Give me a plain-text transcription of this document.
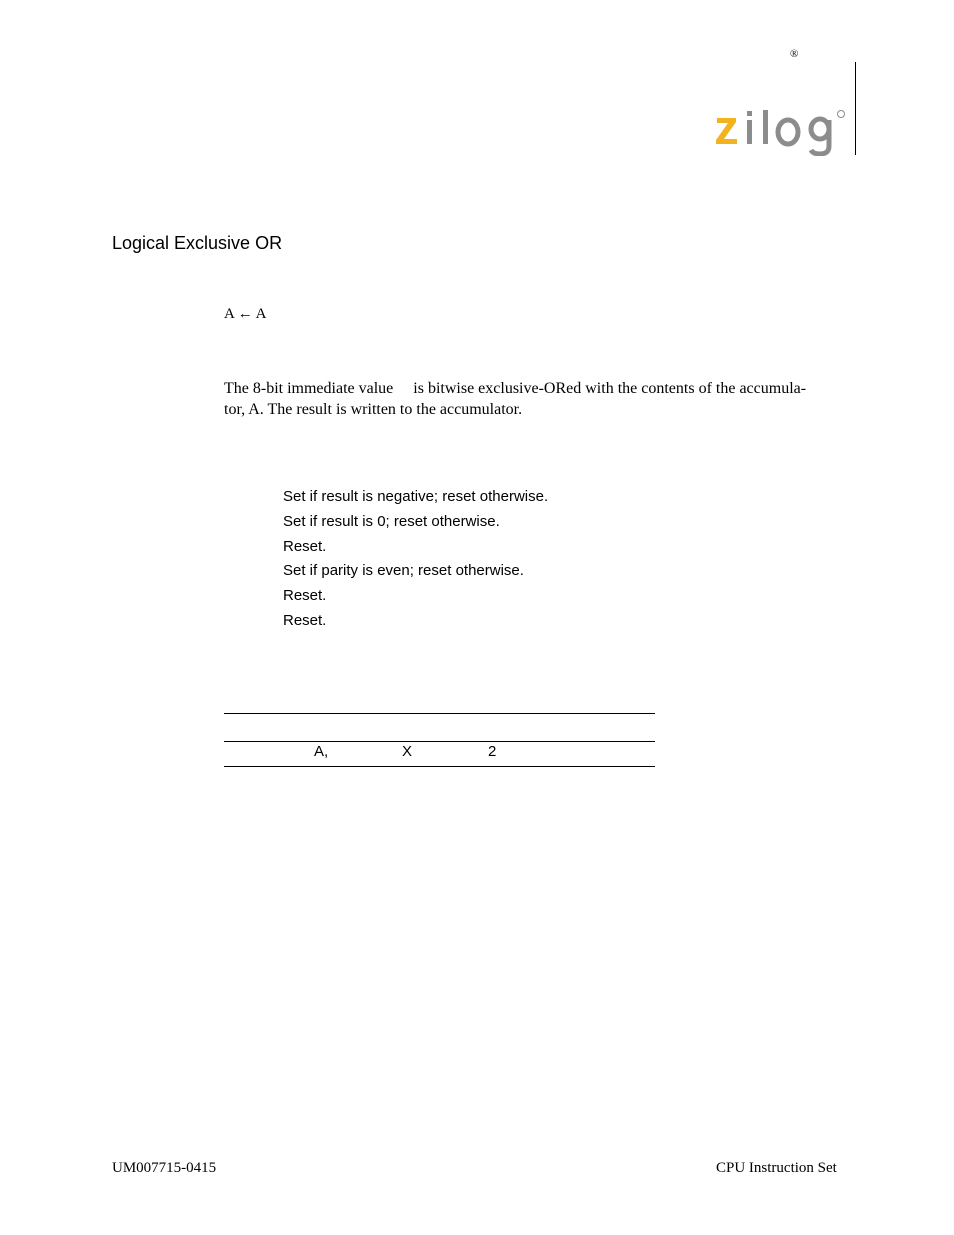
®
Logical Exclusive OR
A ← A
The 8-bit immediate value is bitwise exclusive-ORed with the contents of the accumula-
tor, A. The result is written to the accumulator.
Set if result is negative; reset otherwise.
Set if result is 0; reset otherwise.
Reset.
Set if parity is even; reset otherwise.
Reset.
Reset.
A,	X	2
UM007715-0415	CPU Instruction Set
